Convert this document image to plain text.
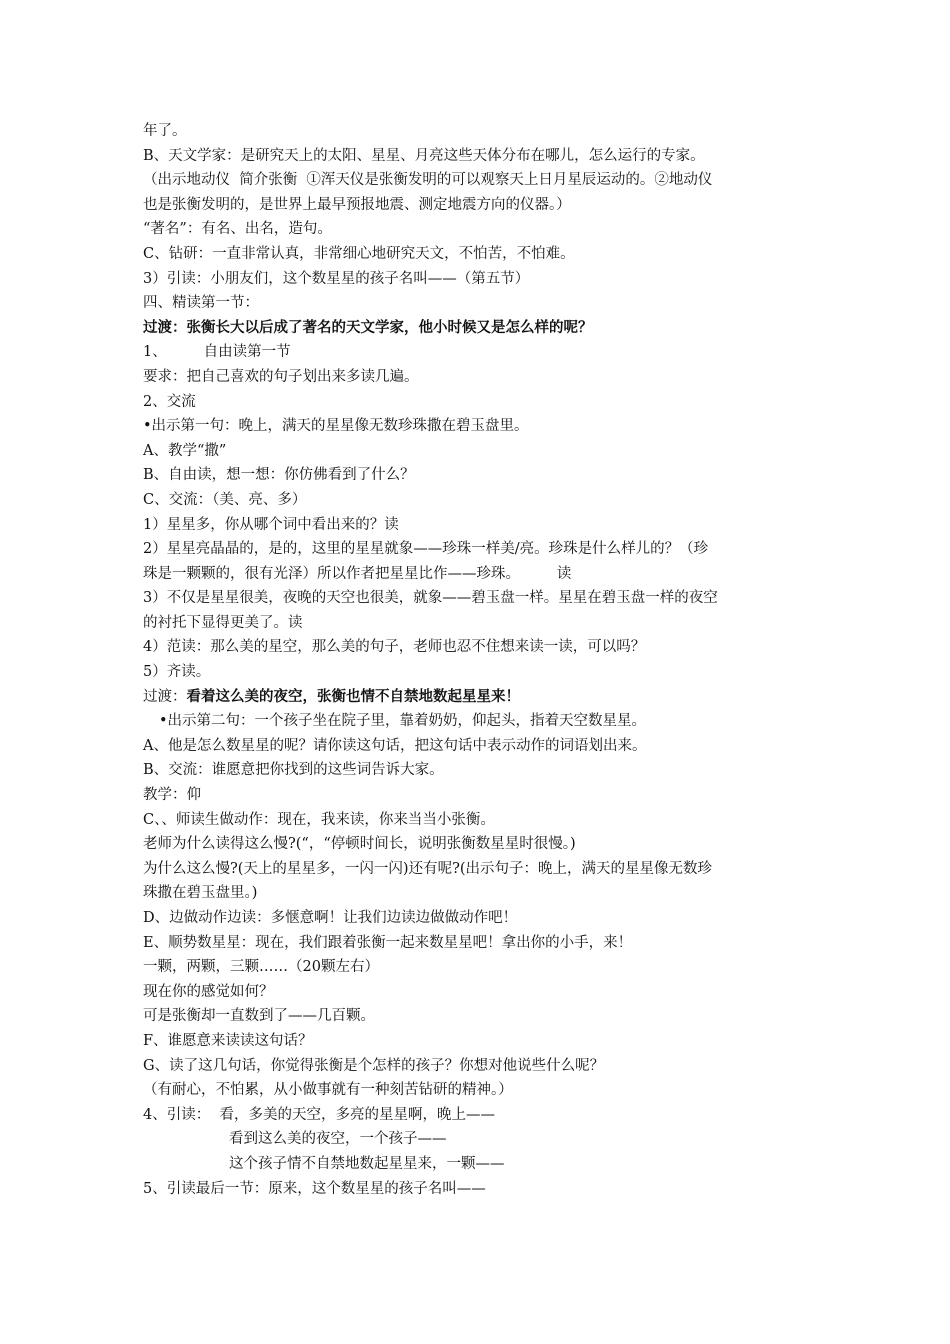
年了。

B、天文学家：是研究天上的太阳、星星、月亮这些天体分布在哪儿，怎么运行的专家。

（出示地动仪  简介张衡  ①浑天仪是张衡发明的可以观察天上日月星辰运动的。②地动仪

也是张衡发明的，是世界上最早预报地震、测定地震方向的仪器。）

“著名”：有名、出名，造句。

C、钻研：一直非常认真，非常细心地研究天文，不怕苦，不怕难。

3）引读：小朋友们，这个数星星的孩子名叫——（第五节）

四、精读第一节：

过渡：张衡长大以后成了著名的天文学家，他小时候又是怎么样的呢？

1、        自由读第一节

要求：把自己喜欢的句子划出来多读几遍。

2、交流

•出示第一句：晚上，满天的星星像无数珍珠撒在碧玉盘里。

A、教学“撒”

B、自由读，想一想：你仿佛看到了什么？

C、交流：（美、亮、多）

1）星星多，你从哪个词中看出来的？读

2）星星亮晶晶的，是的，这里的星星就象——珍珠一样美/亮。珍珠是什么样儿的？（珍

珠是一颗颗的，很有光泽）所以作者把星星比作——珍珠。        读

3）不仅是星星很美，夜晚的天空也很美，就象——碧玉盘一样。星星在碧玉盘一样的夜空

的衬托下显得更美了。读

4）范读：那么美的星空，那么美的句子，老师也忍不住想来读一读，可以吗？

5）齐读。

过渡：看着这么美的夜空，张衡也情不自禁地数起星星来！

•出示第二句：一个孩子坐在院子里，靠着奶奶，仰起头，指着天空数星星。

A、他是怎么数星星的呢？请你读这句话，把这句话中表示动作的词语划出来。

B、交流：谁愿意把你找到的这些词告诉大家。

教学：仰

C、、师读生做动作：现在，我来读，你来当当小张衡。

老师为什么读得这么慢?(“，“停顿时间长，说明张衡数星星时很慢。)

为什么这么慢?(天上的星星多，一闪一闪)还有呢?(出示句子：晚上，满天的星星像无数珍

珠撒在碧玉盘里。)

D、边做动作边读：多惬意啊！让我们边读边做做动作吧！

E、顺势数星星：现在，我们跟着张衡一起来数星星吧！拿出你的小手，来！

一颗，两颗，三颗……（20颗左右）

现在你的感觉如何？

可是张衡却一直数到了——几百颗。

F、谁愿意来读读这句话？

G、读了这几句话，你觉得张衡是个怎样的孩子？你想对他说些什么呢？

（有耐心，不怕累，从小做事就有一种刻苦钻研的精神。）

4、引读：  看，多美的天空，多亮的星星啊，晚上——

看到这么美的夜空，一个孩子——

这个孩子情不自禁地数起星星来，一颗——

5、引读最后一节：原来，这个数星星的孩子名叫——
